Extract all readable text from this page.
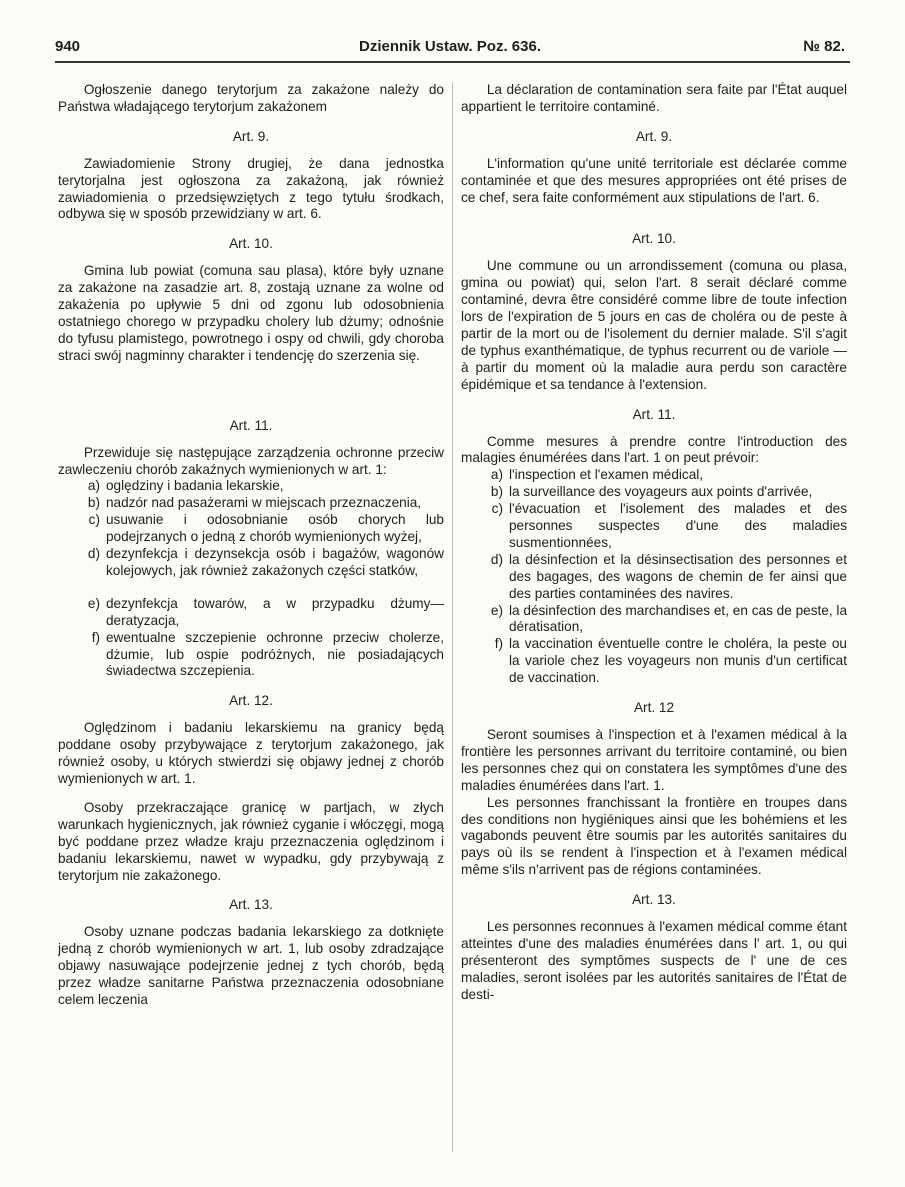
940	Dziennik Ustaw. Poz. 636.	№ 82.

Ogłoszenie danego terytorjum za zakażone należy do Państwa władającego terytorjum zakażonem

Art. 9.

Zawiadomienie Strony drugiej, że dana jednostka terytorjalna jest ogłoszona za zakażoną, jak również zawiadomienia o przedsięwziętych z tego tytułu środkach, odbywa się w sposób przewidziany w art. 6.

Art. 10.

Gmina lub powiat (comuna sau plasa), które były uznane za zakażone na zasadzie art. 8, zostają uznane za wolne od zakażenia po upływie 5 dni od zgonu lub odosobnienia ostatniego chorego w przypadku cholery lub dżumy; odnośnie do tyfusu plamistego, powrotnego i ospy od chwili, gdy choroba straci swój nagminny charakter i tendencję do szerzenia się.

Art. 11.

Przewiduje się następujące zarządzenia ochronne przeciw zawleczeniu chorób zakaźnych wymienionych w art. 1:

a) oględziny i badania lekarskie,
b) nadzór nad pasażerami w miejscach przeznaczenia,
c) usuwanie i odosobnianie osób chorych lub podejrzanych o jedną z chorób wymienionych wyżej,
d) dezynfekcja i dezynsekcja osób i bagażów, wagonów kolejowych, jak również zakażonych części statków,
e) dezynfekcja towarów, a w przypadku dżumy—deratyzacja,
f) ewentualne szczepienie ochronne przeciw cholerze, dżumie, lub ospie podróżnych, nie posiadających świadectwa szczepienia.
Art. 12.

Oględzinom i badaniu lekarskiemu na granicy będą poddane osoby przybywające z terytorjum zakażonego, jak również osoby, u których stwierdzi się objawy jednej z chorób wymienionych w art. 1.

Osoby przekraczające granicę w partjach, w złych warunkach hygienicznych, jak również cyganie i włóczęgi, mogą być poddane przez władze kraju przeznaczenia oględzinom i badaniu lekarskiemu, nawet w wypadku, gdy przybywają z terytorjum nie zakażonego.

Art. 13.

Osoby uznane podczas badania lekarskiego za dotknięte jedną z chorób wymienionych w art. 1, lub osoby zdradzające objawy nasuwające podejrzenie jednej z tych chorób, będą przez władze sanitarne Państwa przeznaczenia odosobniane celem leczenia

La déclaration de contamination sera faite par l'État auquel appartient le territoire contaminé.

Art. 9.

L'information qu'une unité territoriale est déclarée comme contaminée et que des mesures appropriées ont été prises de ce chef, sera faite conformément aux stipulations de l'art. 6.

Art. 10.

Une commune ou un arrondissement (comuna ou plasa, gmina ou powiat) qui, selon l'art. 8 serait déclaré comme contaminé, devra être considéré comme libre de toute infection lors de l'expiration de 5 jours en cas de choléra ou de peste à partir de la mort ou de l'isolement du dernier malade. S'il s'agit de typhus exanthématique, de typhus recurrent ou de variole — à partir du moment où la maladie aura perdu son caractère épidémique et sa tendance à l'extension.

Art. 11.

Comme mesures à prendre contre l'introduction des malagies énumérées dans l'art. 1 on peut prévoir:

a) l'inspection et l'examen médical,
b) la surveillance des voyageurs aux points d'arrivée,
c) l'évacuation et l'isolement des malades et des personnes suspectes d'une des maladies susmentionnées,
d) la désinfection et la désinsectisation des personnes et des bagages, des wagons de chemin de fer ainsi que des parties contaminées des navires.
e) la désinfection des marchandises et, en cas de peste, la dératisation,
f) la vaccination éventuelle contre le choléra, la peste ou la variole chez les voyageurs non munis d'un certificat de vaccination.
Art. 12

Seront soumises à l'inspection et à l'examen médical à la frontière les personnes arrivant du territoire contaminé, ou bien les personnes chez qui on constatera les symptômes d'une des maladies énumérées dans l'art. 1.

Les personnes franchissant la frontière en troupes dans des conditions non hygiéniques ainsi que les bohémiens et les vagabonds peuvent être soumis par les autorités sanitaires du pays où ils se rendent à l'inspection et à l'examen médical même s'ils n'arrivent pas de régions contaminées.

Art. 13.

Les personnes reconnues à l'examen médical comme étant atteintes d'une des maladies énumérées dans l' art. 1, ou qui présenteront des symptômes suspects de l' une de ces maladies, seront isolées par les autorités sanitaires de l'État de desti-
